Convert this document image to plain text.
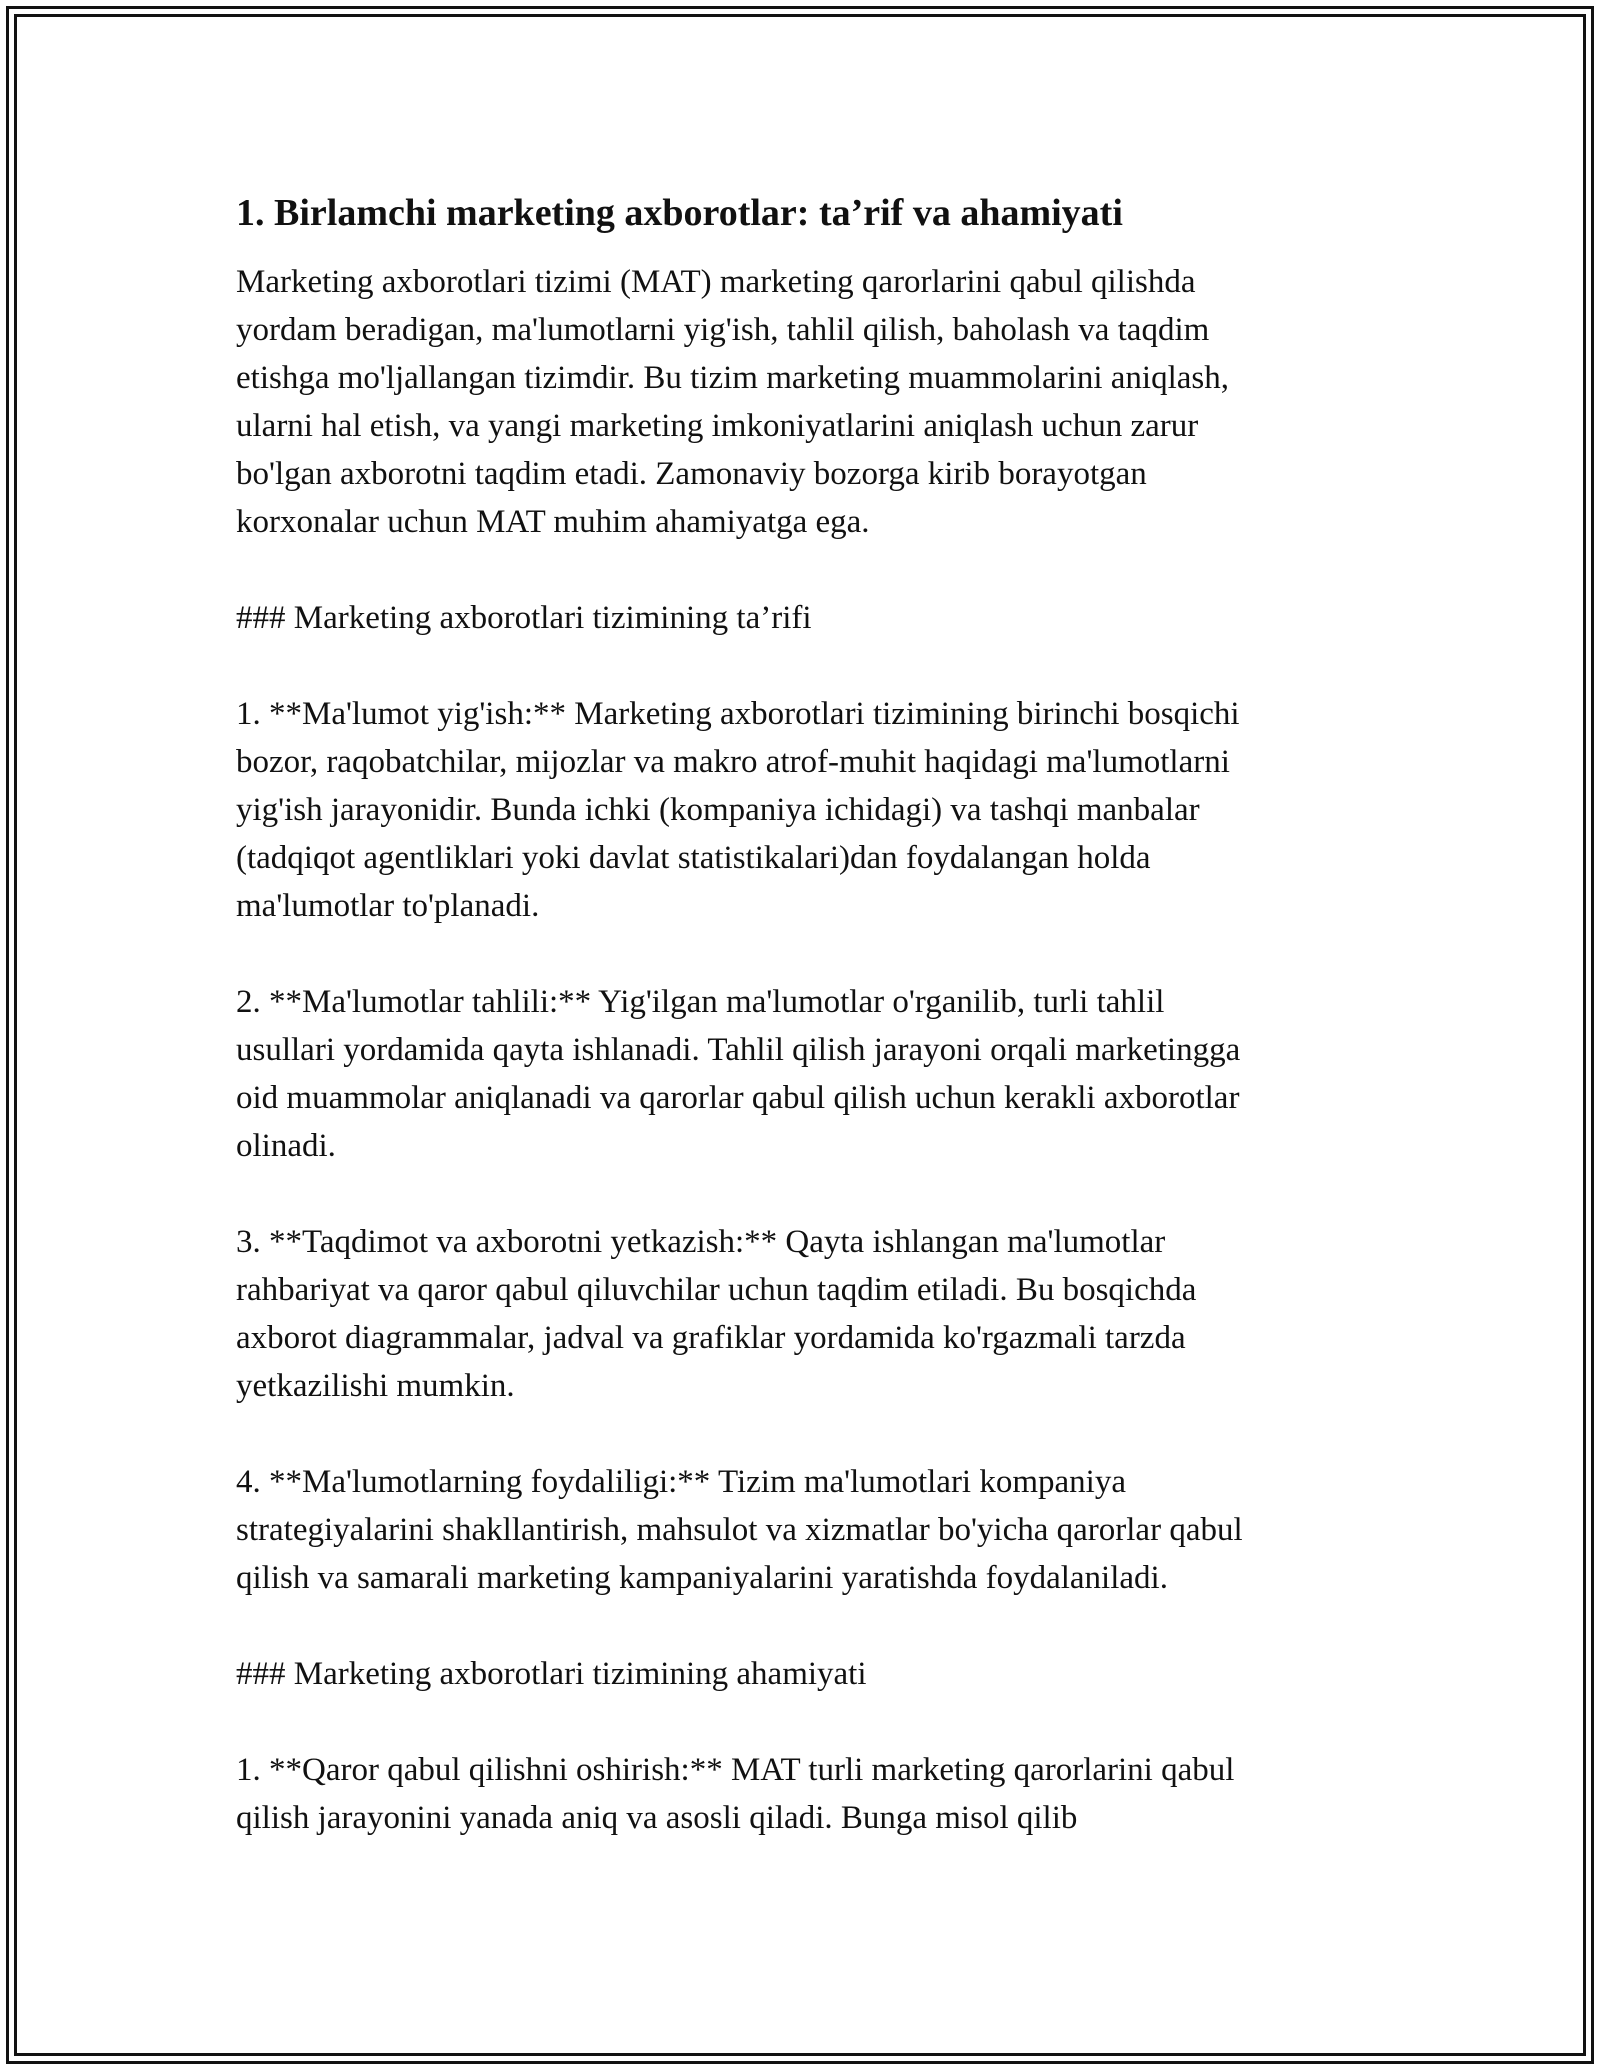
1. Birlamchi marketing axborotlar: ta’rif va ahamiyati

Marketing axborotlari tizimi (MAT) marketing qarorlarini qabul qilishda
yordam beradigan, ma'lumotlarni yig'ish, tahlil qilish, baholash va taqdim
etishga mo'ljallangan tizimdir. Bu tizim marketing muammolarini aniqlash,
ularni hal etish, va yangi marketing imkoniyatlarini aniqlash uchun zarur
bo'lgan axborotni taqdim etadi. Zamonaviy bozorga kirib borayotgan
korxonalar uchun MAT muhim ahamiyatga ega.

### Marketing axborotlari tizimining ta’rifi

1. **Ma'lumot yig'ish:** Marketing axborotlari tizimining birinchi bosqichi
bozor, raqobatchilar, mijozlar va makro atrof-muhit haqidagi ma'lumotlarni
yig'ish jarayonidir. Bunda ichki (kompaniya ichidagi) va tashqi manbalar
(tadqiqot agentliklari yoki davlat statistikalari)dan foydalangan holda
ma'lumotlar to'planadi.

2. **Ma'lumotlar tahlili:** Yig'ilgan ma'lumotlar o'rganilib, turli tahlil
usullari yordamida qayta ishlanadi. Tahlil qilish jarayoni orqali marketingga
oid muammolar aniqlanadi va qarorlar qabul qilish uchun kerakli axborotlar
olinadi.

3. **Taqdimot va axborotni yetkazish:** Qayta ishlangan ma'lumotlar
rahbariyat va qaror qabul qiluvchilar uchun taqdim etiladi. Bu bosqichda
axborot diagrammalar, jadval va grafiklar yordamida ko'rgazmali tarzda
yetkazilishi mumkin.

4. **Ma'lumotlarning foydaliligi:** Tizim ma'lumotlari kompaniya
strategiyalarini shakllantirish, mahsulot va xizmatlar bo'yicha qarorlar qabul
qilish va samarali marketing kampaniyalarini yaratishda foydalaniladi.

### Marketing axborotlari tizimining ahamiyati

1. **Qaror qabul qilishni oshirish:** MAT turli marketing qarorlarini qabul
qilish jarayonini yanada aniq va asosli qiladi. Bunga misol qilib
